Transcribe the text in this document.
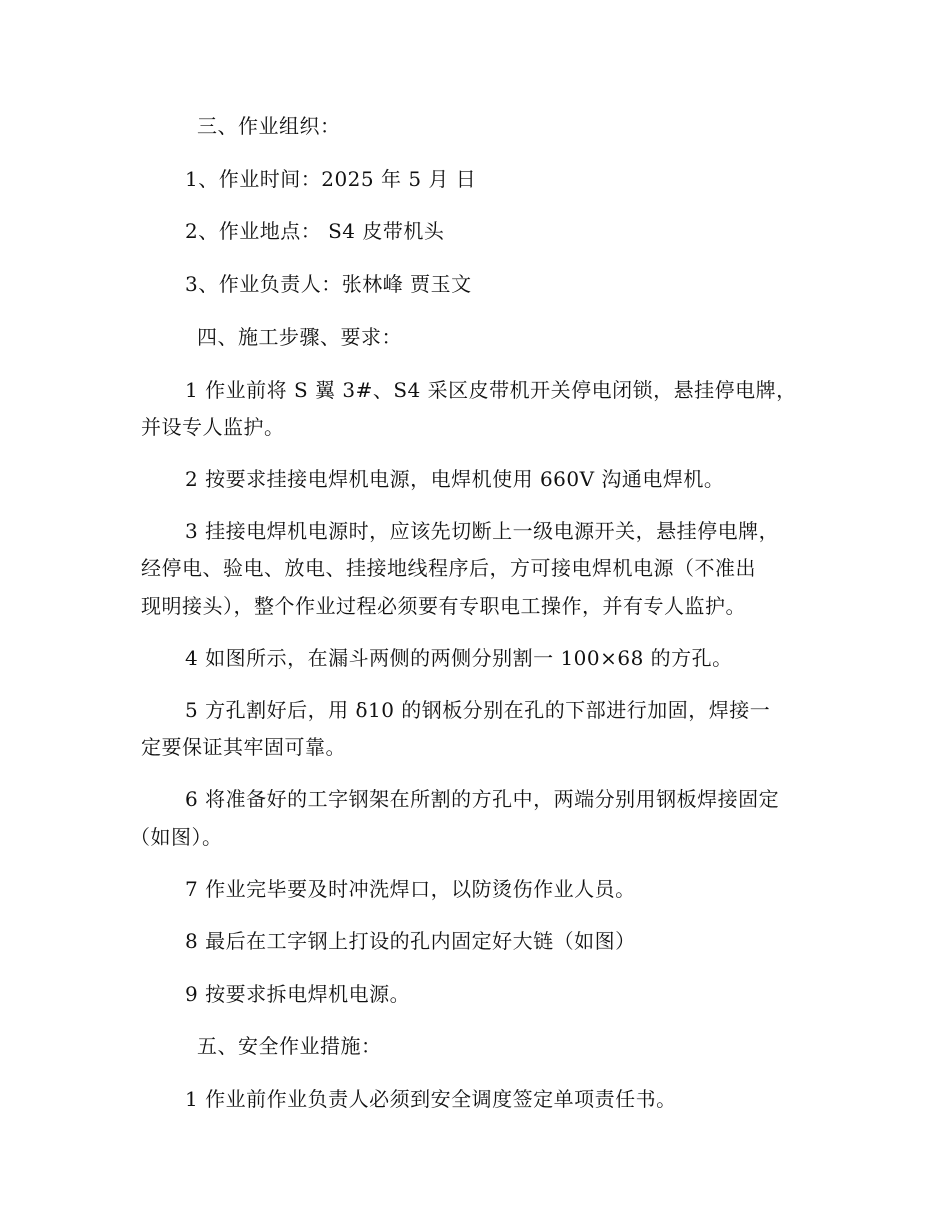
三、作业组织：
1、作业时间：2025 年 5 月 日
2、作业地点： S4 皮带机头
3、作业负责人：张林峰 贾玉文
四、施工步骤、要求：
1 作业前将 S 翼 3#、S4 采区皮带机开关停电闭锁，悬挂停电牌，
并设专人监护。
2 按要求挂接电焊机电源，电焊机使用 660V 沟通电焊机。
3 挂接电焊机电源时，应该先切断上一级电源开关，悬挂停电牌，
经停电、验电、放电、挂接地线程序后，方可接电焊机电源（不准出
现明接头），整个作业过程必须要有专职电工操作，并有专人监护。
4 如图所示，在漏斗两侧的两侧分别割一 100×68 的方孔。
5 方孔割好后，用 δ10 的钢板分别在孔的下部进行加固，焊接一
定要保证其牢固可靠。
6 将准备好的工字钢架在所割的方孔中，两端分别用钢板焊接固定
（如图）。
7 作业完毕要及时冲洗焊口，以防烫伤作业人员。
8 最后在工字钢上打设的孔内固定好大链（如图）
9 按要求拆电焊机电源。
五、安全作业措施：
1 作业前作业负责人必须到安全调度签定单项责任书。
